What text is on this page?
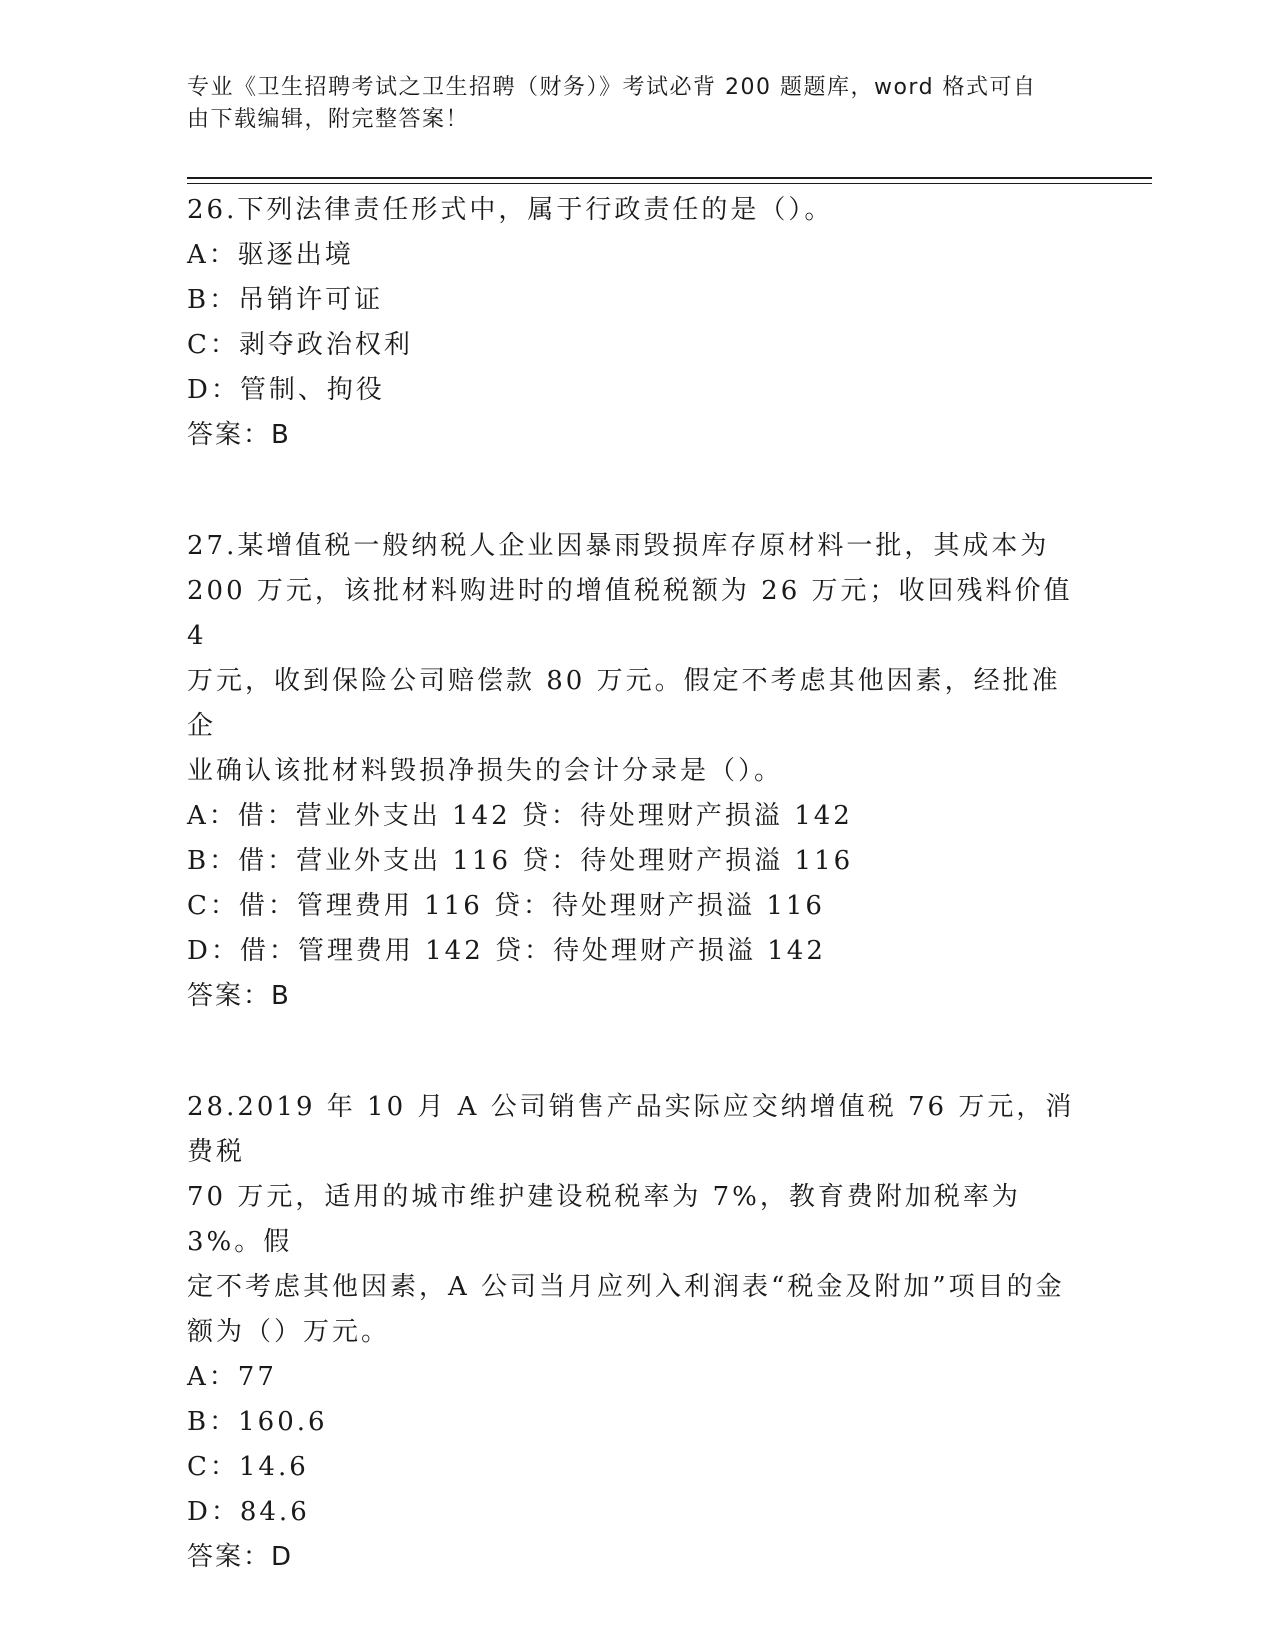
专业《卫生招聘考试之卫生招聘（财务）》考试必背 200 题题库，word 格式可自
由下载编辑，附完整答案！

26.下列法律责任形式中，属于行政责任的是（）。

A：驱逐出境

B：吊销许可证

C：剥夺政治权利

D：管制、拘役

答案：B

27.某增值税一般纳税人企业因暴雨毁损库存原材料一批，其成本为

200 万元，该批材料购进时的增值税税额为 26 万元；收回残料价值 4

万元，收到保险公司赔偿款 80 万元。假定不考虑其他因素，经批准企

业确认该批材料毁损净损失的会计分录是（）。

A：借：营业外支出 142 贷：待处理财产损溢 142

B：借：营业外支出 116 贷：待处理财产损溢 116

C：借：管理费用 116 贷：待处理财产损溢 116

D：借：管理费用 142 贷：待处理财产损溢 142

答案：B

28.2019 年 10 月 A 公司销售产品实际应交纳增值税 76 万元，消费税

70 万元，适用的城市维护建设税税率为 7%，教育费附加税率为 3%。假

定不考虑其他因素，A 公司当月应列入利润表“税金及附加”项目的金

额为（）万元。

A：77

B：160.6

C：14.6

D：84.6

答案：D
